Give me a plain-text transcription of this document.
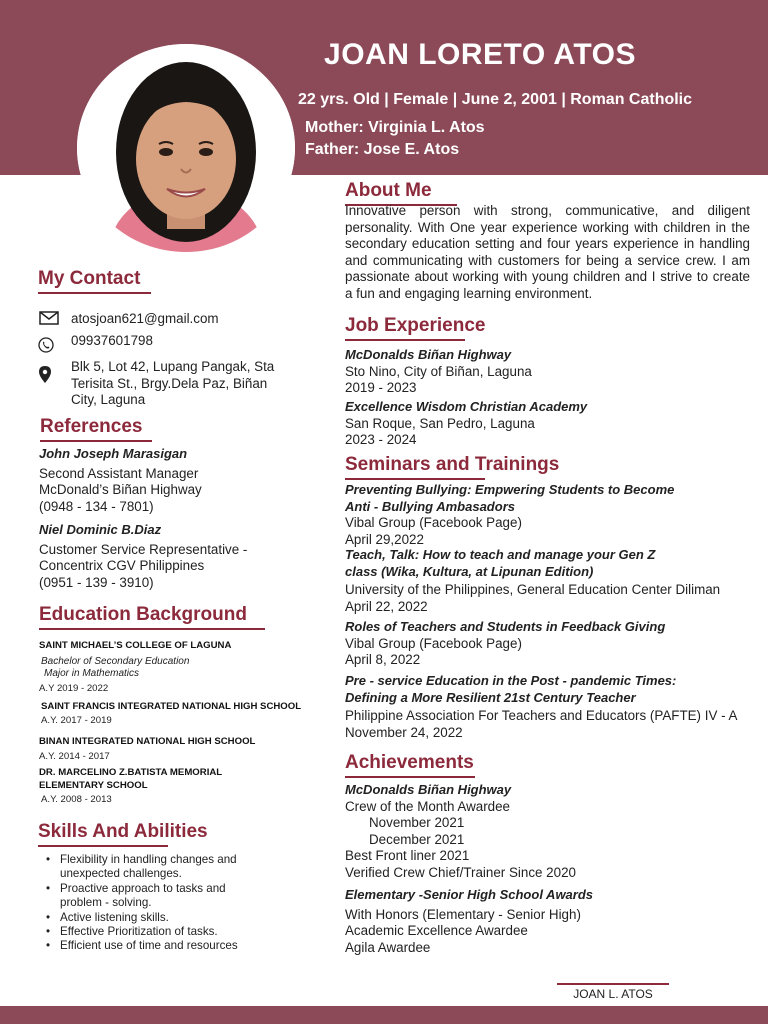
JOAN LORETO ATOS
22 yrs. Old | Female | June 2, 2001 | Roman Catholic
Mother: Virginia L. Atos
Father: Jose E. Atos
My Contact
atosjoan621@gmail.com
09937601798
Blk 5, Lot 42, Lupang Pangak, Sta
Terisita St., Brgy.Dela Paz, Biñan
City, Laguna
References
John Joseph Marasigan
Second Assistant Manager
McDonald’s Biñan Highway
(0948 - 134 - 7801)
Niel Dominic B.Diaz
Customer Service Representative -
Concentrix CGV Philippines
(0951 - 139 - 3910)
Education Background
SAINT MICHAEL’S COLLEGE OF LAGUNA
Bachelor of Secondary Education
Major in Mathematics
A.Y 2019 - 2022
SAINT FRANCIS INTEGRATED NATIONAL HIGH SCHOOL
A.Y. 2017 - 2019
BINAN INTEGRATED NATIONAL HIGH SCHOOL
A.Y. 2014 - 2017
DR. MARCELINO Z.BATISTA MEMORIAL
ELEMENTARY SCHOOL
A.Y. 2008 - 2013
Skills And Abilities
• Flexibility in handling changes and
unexpected challenges.
• Proactive approach to tasks and
problem - solving.
• Active listening skills.
• Effective Prioritization of tasks.
• Efficient use of time and resources
About Me
Innovative person with strong, communicative, and diligent personality. With One year experience working with children in the secondary education setting and four years experience in handling and communicating with customers for being a service crew. I am passionate about working with young children and I strive to create a fun and engaging learning environment.
Job Experience
McDonalds Biñan Highway
Sto Nino, City of Biñan, Laguna
2019 - 2023
Excellence Wisdom Christian Academy
San Roque, San Pedro, Laguna
2023 - 2024
Seminars and Trainings
Preventing Bullying: Empwering Students to Become
Anti - Bullying Ambasadors
Vibal Group (Facebook Page)
April 29,2022
Teach, Talk: How to teach and manage your Gen Z
class (Wika, Kultura, at Lipunan Edition)
University of the Philippines, General Education Center Diliman
April 22, 2022
Roles of Teachers and Students in Feedback Giving
Vibal Group (Facebook Page)
April 8, 2022
Pre - service Education in the Post - pandemic Times:
Defining a More Resilient 21st Century Teacher
Philippine Association For Teachers and Educators (PAFTE) IV - A
November 24, 2022
Achievements
McDonalds Biñan Highway
Crew of the Month Awardee
November 2021
December 2021
Best Front liner 2021
Verified Crew Chief/Trainer Since 2020
Elementary -Senior High School Awards
With Honors (Elementary - Senior High)
Academic Excellence Awardee
Agila Awardee
JOAN L. ATOS
